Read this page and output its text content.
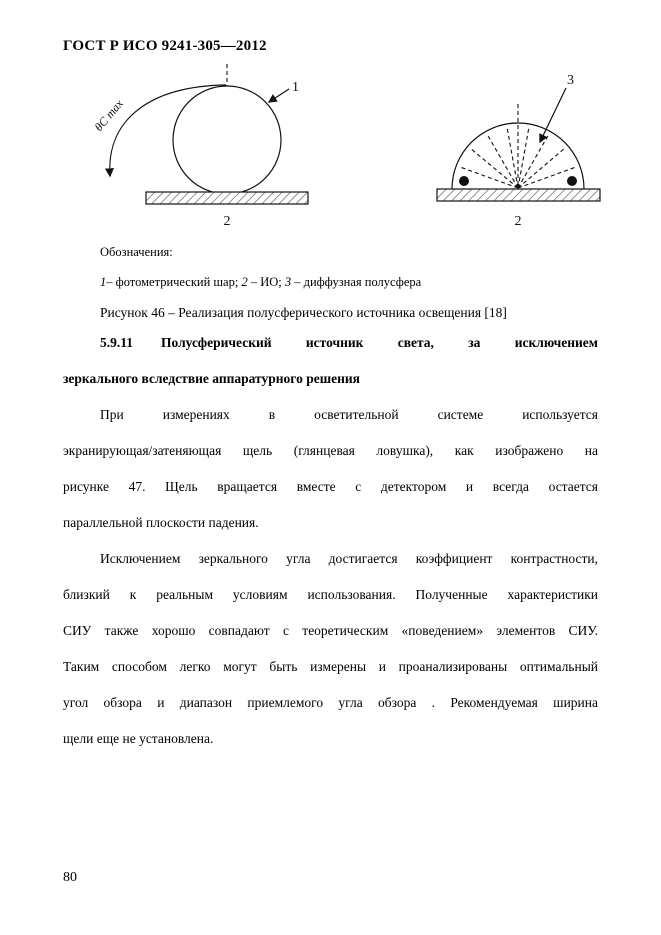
ГОСТ Р ИСО 9241-305—2012
θC max
1
2
3
2
Обозначения:
1– фотометрический шар; 2 – ИО; 3 – диффузная полусфера
Рисунок 46 – Реализация полусферического источника освещения [18]
5.9.11 Полусферический источник света, за исключением
зеркального вследствие аппаратурного решения
При измерениях в осветительной системе используется
экранирующая/затеняющая щель (глянцевая ловушка), как изображено на
рисунке 47. Щель вращается вместе с детектором и всегда остается
параллельной плоскости падения.
Исключением зеркального угла достигается коэффициент контрастности,
близкий к реальным условиям использования. Полученные характеристики
СИУ также хорошо совпадают с теоретическим «поведением» элементов СИУ.
Таким способом легко могут быть измерены и проанализированы оптимальный
угол обзора и диапазон приемлемого угла обзора . Рекомендуемая ширина
щели еще не установлена.
80
